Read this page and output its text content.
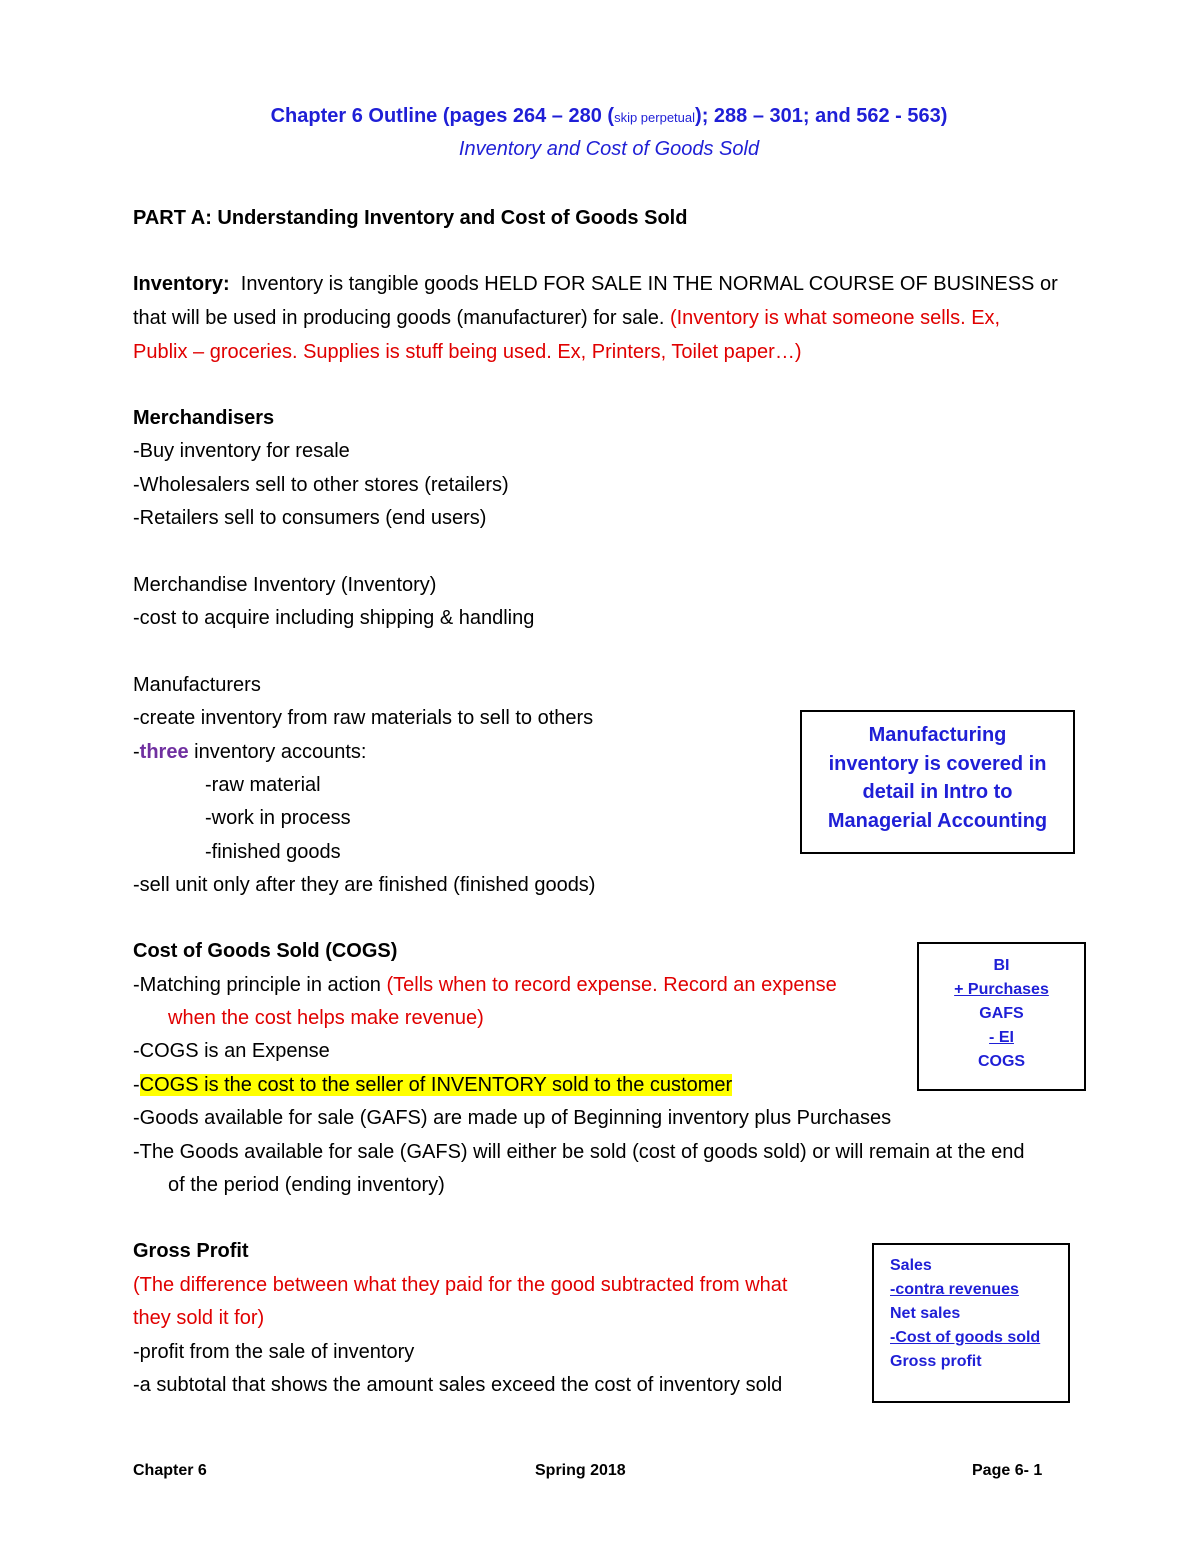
Chapter 6 Outline (pages 264 – 280 (skip perpetual); 288 – 301; and 562 - 563)
Inventory and Cost of Goods Sold
PART A: Understanding Inventory and Cost of Goods Sold
Inventory:  Inventory is tangible goods HELD FOR SALE IN THE NORMAL COURSE OF BUSINESS or
that will be used in producing goods (manufacturer) for sale. (Inventory is what someone sells. Ex,
Publix – groceries. Supplies is stuff being used. Ex, Printers, Toilet paper…)
Merchandisers
-Buy inventory for resale
-Wholesalers sell to other stores (retailers)
-Retailers sell to consumers (end users)
Merchandise Inventory (Inventory)
-cost to acquire including shipping & handling
Manufacturers
-create inventory from raw materials to sell to others
-three inventory accounts:
-raw material
-work in process
-finished goods
-sell unit only after they are finished (finished goods)
Manufacturing
inventory is covered in
detail in Intro to
Managerial Accounting
Cost of Goods Sold (COGS)
-Matching principle in action (Tells when to record expense. Record an expense
when the cost helps make revenue)
-COGS is an Expense
-COGS is the cost to the seller of INVENTORY sold to the customer
-Goods available for sale (GAFS) are made up of Beginning inventory plus Purchases
-The Goods available for sale (GAFS) will either be sold (cost of goods sold) or will remain at the end
of the period (ending inventory)
BI
+ Purchases
GAFS
- EI
COGS
Gross Profit
(The difference between what they paid for the good subtracted from what
they sold it for)
-profit from the sale of inventory
-a subtotal that shows the amount sales exceed the cost of inventory sold
Sales
-contra revenues
Net sales
-Cost of goods sold
Gross profit
Chapter 6	Spring 2018	Page 6- 1
